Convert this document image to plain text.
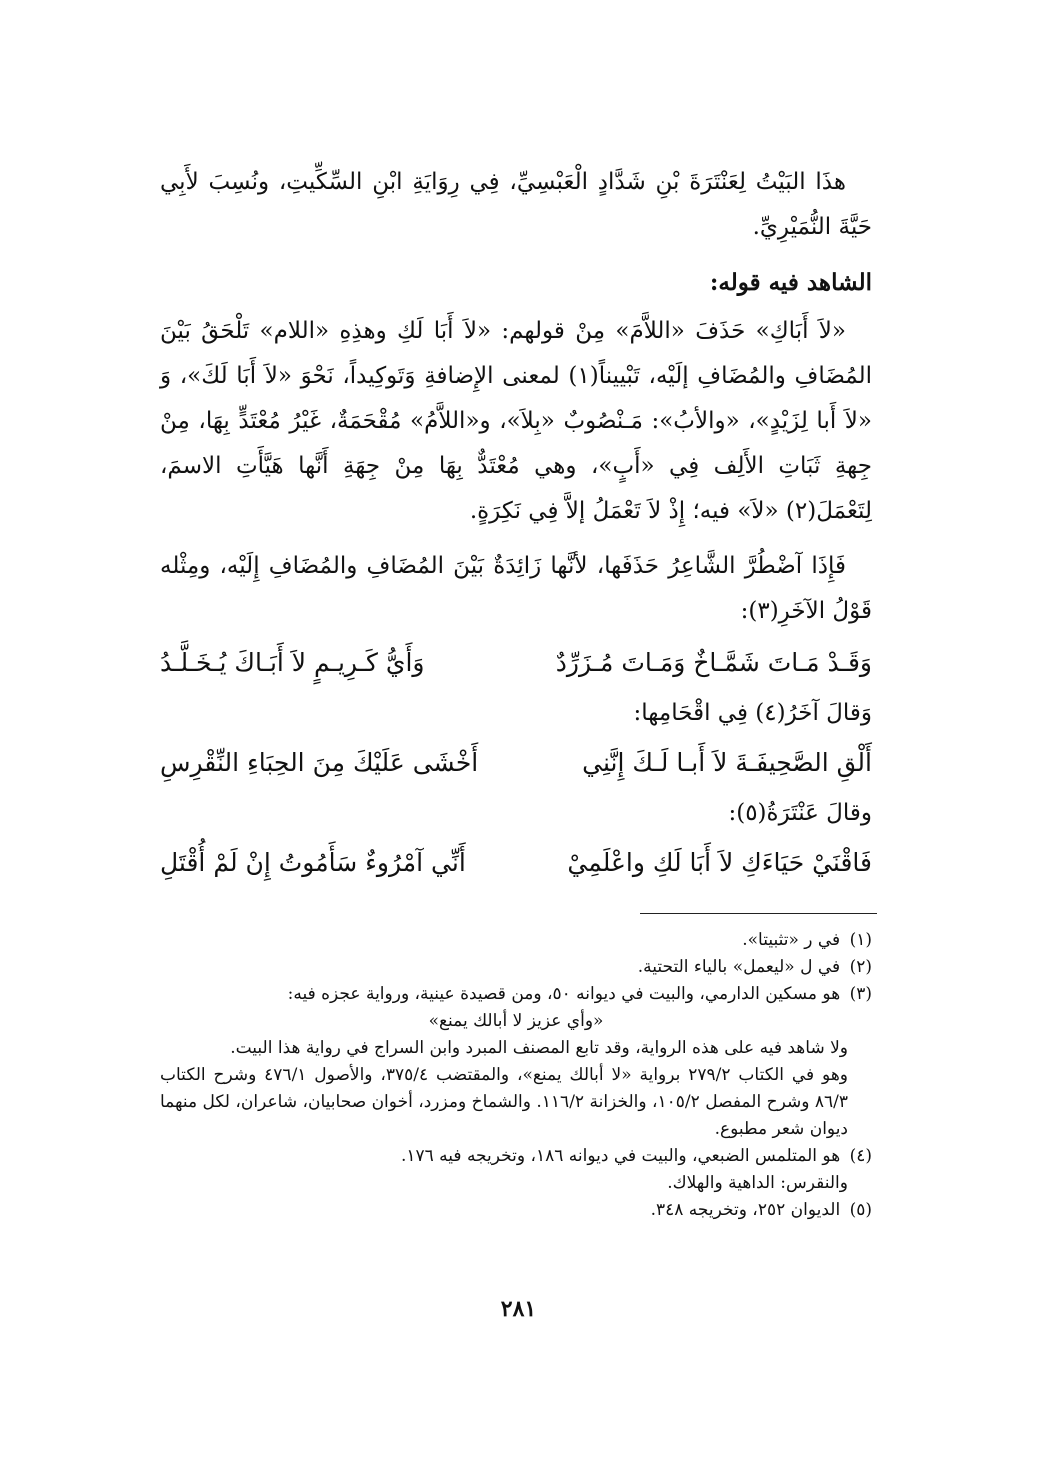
هذَا البَيْتُ لِعَنْتَرَةَ بْنِ شَدَّادٍ الْعَبْسِيِّ، فِي رِوَايَةِ ابْنِ السِّكِّيتِ، ونُسِبَ لأَبِي حَيَّةَ النُّمَيْرِيِّ.

الشاهد فيه قوله:

«لاَ أَبَاكِ» حَذَفَ «اللاَّمَ» مِنْ قولهم: «لاَ أَبَا لَكِ وهذِهِ «اللام» تَلْحَقُ بَيْنَ المُضَافِ والمُضَافِ إلَيْه، تَبْييناً(١) لمعنى الإِضافةِ وَتَوكِيداً، نَحْوَ «لاَ أَبَا لَكَ»، وَ «لاَ أَبا لِزَيْدٍ»، «والأبُ»: مَـنْصُوبٌ «بِلاَ»، و«اللاَّمُ» مُقْحَمَةٌ، غَيْرُ مُعْتَدٍّ بِهَا، مِنْ جِهةِ ثَبَاتِ الأَلِف فِي «أَبٍ»، وهي مُعْتَدٌّ بِهَا مِنْ جِهَةِ أَنَّها هَيَّأَتِ الاسمَ، لِتَعْمَلَ(٢) «لاَ» فيه؛ إِذْ لاَ تَعْمَلُ إلاَّ فِي نَكِرَةٍ.

فَإِذَا آضْطُرَّ الشَّاعِرُ حَذَفَها، لأنَّها زَائِدَةٌ بَيْنَ المُضَافِ والمُضَافِ إِلَيْه، ومِثْله قَوْلُ الآخَرِ(٣):

وَقَـدْ مَـاتَ شَمَّـاخٌ وَمَـاتَ مُـزَرِّدٌ
وَأَيُّ كَـرِيـمٍ لاَ أَبَـاكَ يُـخَـلَّـدُ

وَقالَ آخَرُ(٤) فِي اقْحَامِها:

أَلْقِ الصَّحِيفَـةَ لاَ أَبـا لَـكَ إِنَّنِي
أَخْشَى عَلَيْكَ مِنَ الحِبَاءِ النِّقْرِسِ

وقالَ عَنْتَرَةُ(٥):

فَاقْنَيْ حَيَاءَكِ لاَ أَبَا لَكِ واعْلَمِيْ
أَنِّي آمْرُوءٌ سَأَمُوتُ إِنْ لَمْ أُقْتَلِ

(١) في ر «تثبيتا».

(٢) في ل «ليعمل» بالياء التحتية.

(٣) هو مسكين الدارمي، والبيت في ديوانه ٥٠، ومن قصيدة عينية، ورواية عجزه فيه:

«وأي عزيز لا أبالك يمنع»

ولا شاهد فيه على هذه الرواية، وقد تابع المصنف المبرد وابن السراج في رواية هذا البيت.

وهو في الكتاب ٢٧٩/٢ برواية «لا أبالك يمنع»، والمقتضب ٣٧٥/٤، والأصول ٤٧٦/١ وشرح الكتاب ٨٦/٣ وشرح المفصل ١٠٥/٢، والخزانة ١١٦/٢. والشماخ ومزرد، أخوان صحابيان، شاعران، لكل منهما ديوان شعر مطبوع.

(٤) هو المتلمس الضبعي، والبيت في ديوانه ١٨٦، وتخريجه فيه ١٧٦.

والنقرس: الداهية والهلاك.

(٥) الديوان ٢٥٢، وتخريجه ٣٤٨.

٢٨١
